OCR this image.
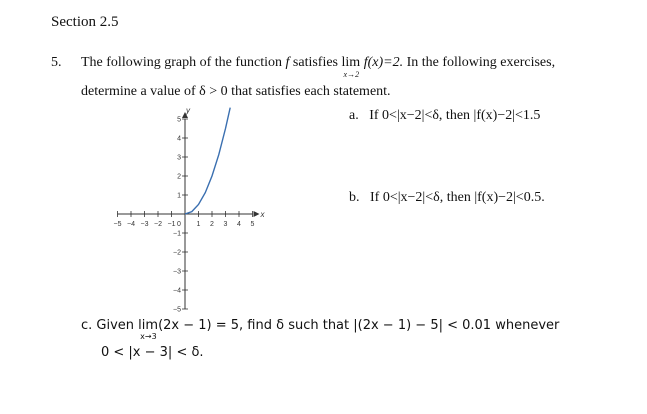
Section 2.5
5. The following graph of the function f satisfies lim
x→2
f(x)=2. In the following exercises,
determine a value of δ > 0 that satisfies each statement.
x
y
−5 −4 −3 −2 −1 0 1 2 3 4 5
1
2
3
4
5
−1
−2
−3
−4
−5
a. If 0<|x−2|<δ, then |f(x)−2|<1.5
b. If 0<|x−2|<δ, then |f(x)−2|<0.5.
c. Given lim
x→3
(2x − 1) = 5, find δ such that |(2x − 1) − 5| < 0.01 whenever
0 < |x − 3| < δ.
